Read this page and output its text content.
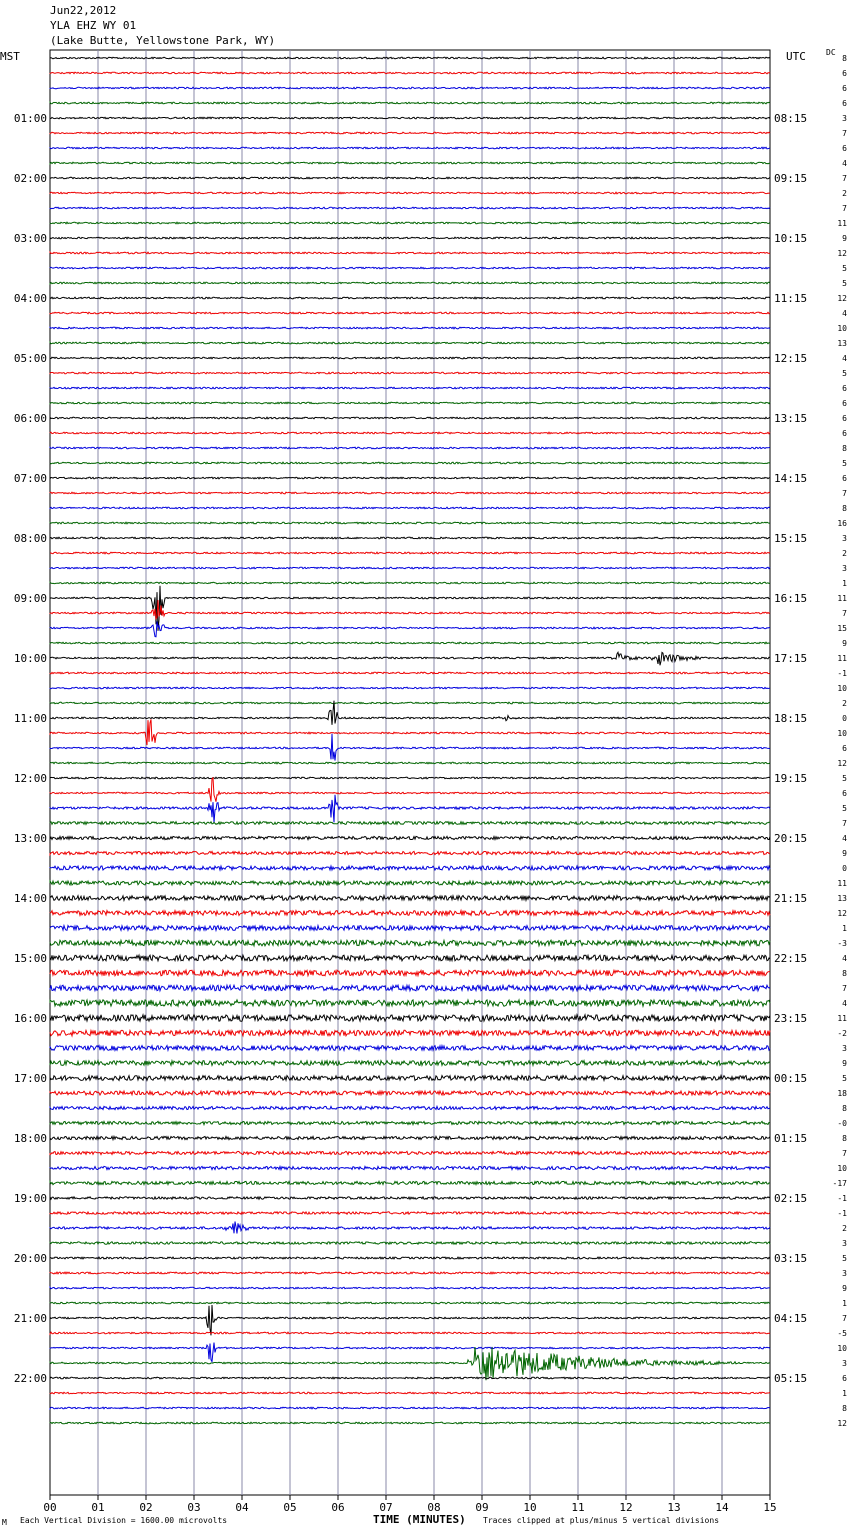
Jun22,2012
YLA EHZ WY 01
(Lake Butte, Yellowstone Park, WY)
MST	UTC	DC
00	01	02	03	04	05	06	07	08	09	10	11	12	13	14	15
8
6
6
6
3
01:00	08:15
7
6
4
7
02:00	09:15
2
7
11
9
03:00	10:15
12
5
5
12
04:00	11:15
4
10
13
4
05:00	12:15
5
6
6
6
06:00	13:15
6
8
5
6
07:00	14:15
7
8
16
3
08:00	15:15
2
3
1
11
09:00	16:15
7
15
9
11
10:00	17:15
-1
10
2
0
11:00	18:15
10
6
12
5
12:00	19:15
6
5
7
4
13:00	20:15
9
0
11
13
14:00	21:15
12
1
-3
4
15:00	22:15
8
7
4
11
16:00	23:15
-2
3
9
5
17:00	00:15
18
8
-0
8
18:00	01:15
7
10
-17
-1
19:00	02:15
-1
2
3
5
20:00	03:15
3
9
1
7
21:00	04:15
-5
10
3
6
22:00	05:15
1
8
12
M Each Vertical Division = 1600.00 microvolts	TIME (MINUTES) Traces clipped at plus/minus 5 vertical divisions
